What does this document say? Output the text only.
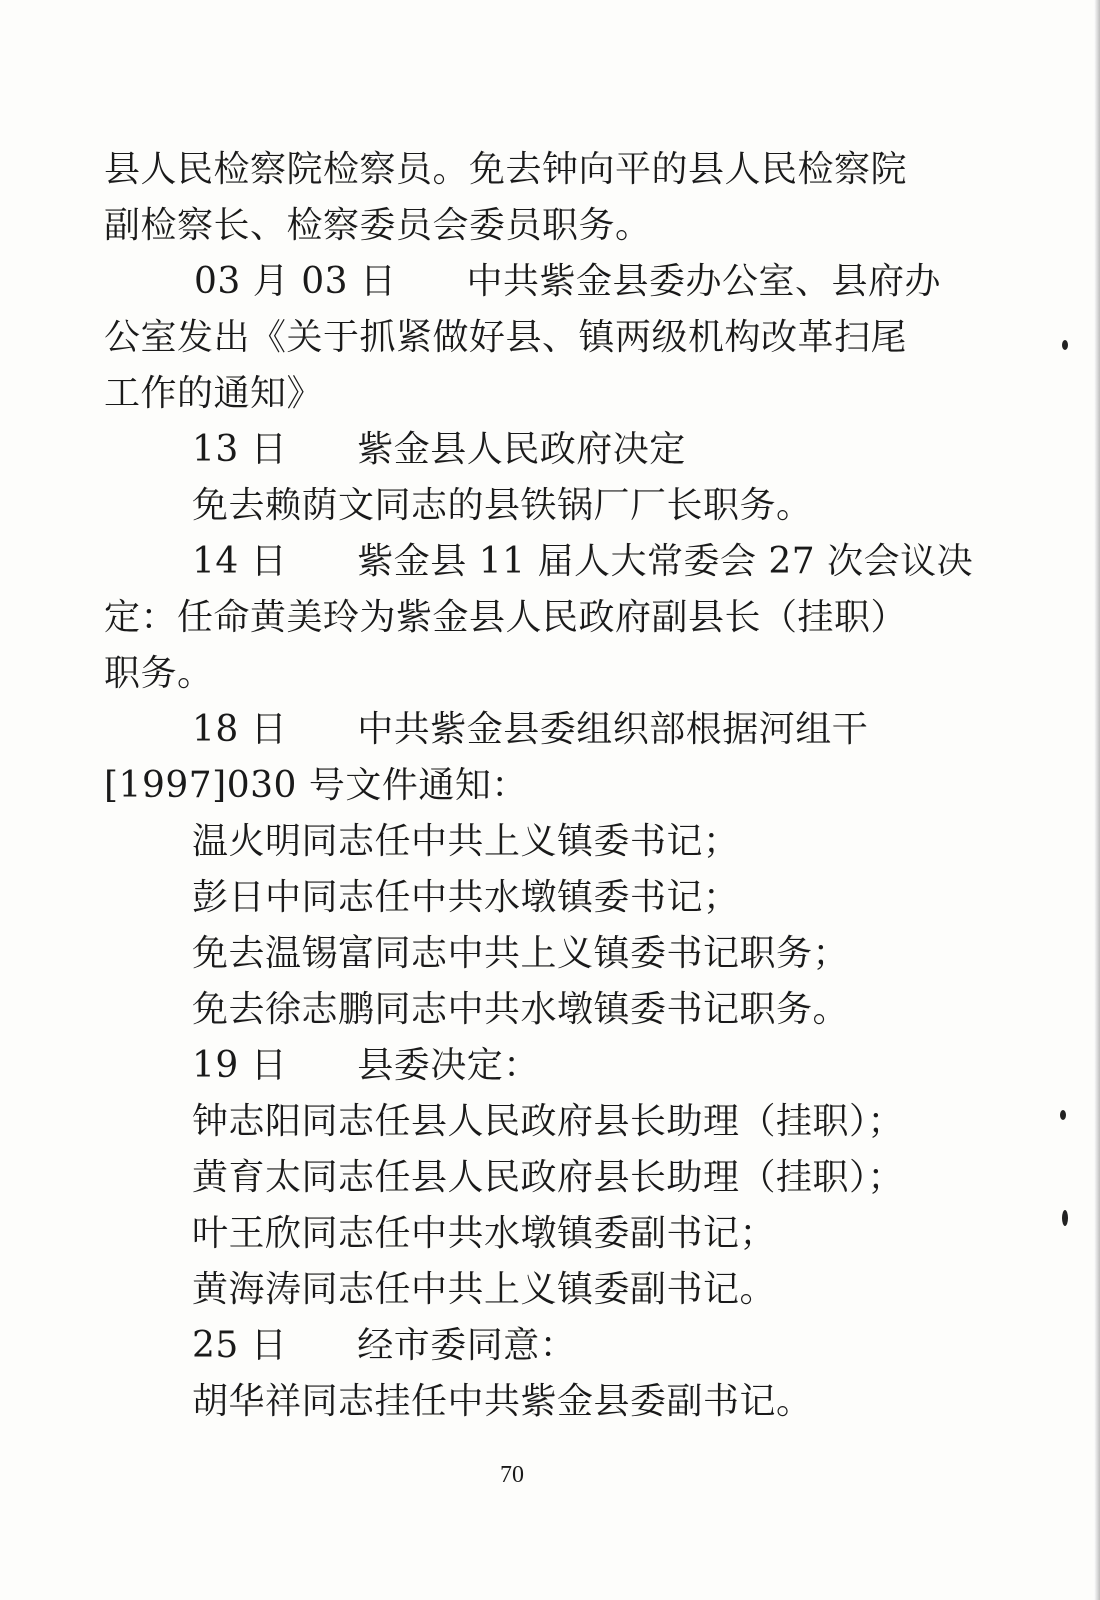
县人民检察院检察员。免去钟向平的县人民检察院
副检察长、检察委员会委员职务。
03 月 03 日 中共紫金县委办公室、县府办
公室发出《关于抓紧做好县、镇两级机构改革扫尾
工作的通知》
13 日 紫金县人民政府决定
免去赖荫文同志的县铁锅厂厂长职务。
14 日 紫金县 11 届人大常委会 27 次会议决
定：任命黄美玲为紫金县人民政府副县长（挂职）
职务。
18 日 中共紫金县委组织部根据河组干
[1997]030 号文件通知：
温火明同志任中共上义镇委书记；
彭日中同志任中共水墩镇委书记；
免去温锡富同志中共上义镇委书记职务；
免去徐志鹏同志中共水墩镇委书记职务。
19 日 县委决定：
钟志阳同志任县人民政府县长助理（挂职）；
黄育太同志任县人民政府县长助理（挂职）；
叶王欣同志任中共水墩镇委副书记；
黄海涛同志任中共上义镇委副书记。
25 日 经市委同意：
胡华祥同志挂任中共紫金县委副书记。
70
